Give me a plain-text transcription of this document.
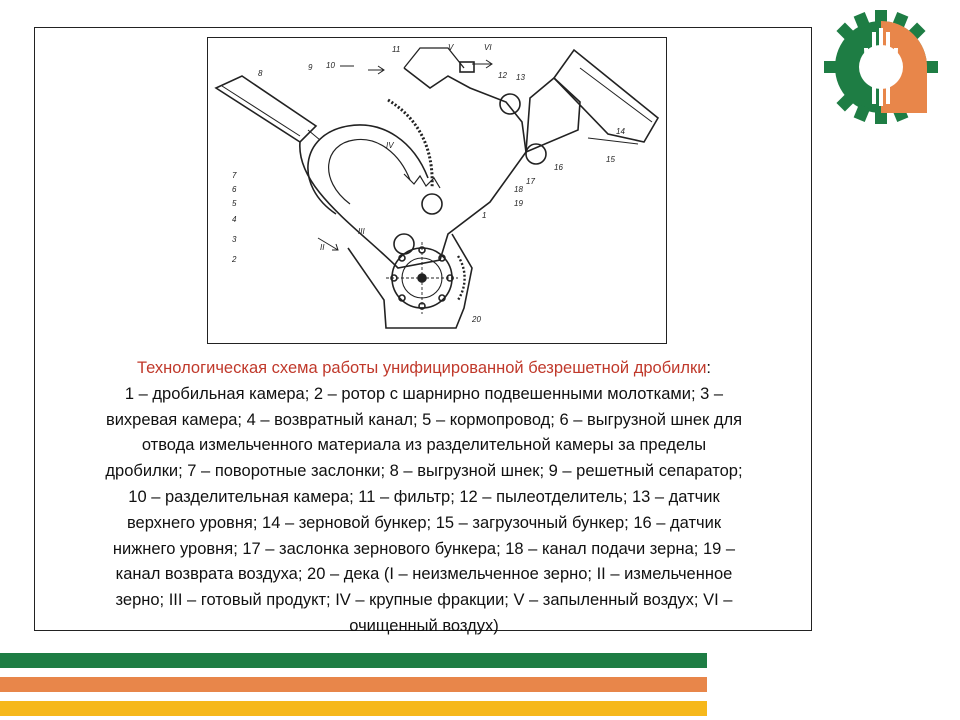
8
9 10
11	V	VI
12 13
14
15
16
17
18
19
IV
7
6
5
4
3
2
II
III
1
20
Технологическая схема работы унифицированной безрешетной дробилки:
1 – дробильная камера; 2 – ротор с шарнирно подвешенными молотками; 3 –
вихревая камера; 4 – возвратный канал; 5 – кормопровод; 6 – выгрузной шнек для
отвода измельченного материала из разделительной камеры за пределы
дробилки; 7 – поворотные заслонки; 8 – выгрузной шнек; 9 – решетный сепаратор;
10 – разделительная камера; 11 – фильтр; 12 – пылеотделитель; 13 – датчик
верхнего уровня; 14 – зерновой бункер; 15 – загрузочный бункер; 16 – датчик
нижнего уровня; 17 – заслонка зернового бункера; 18 – канал подачи зерна; 19 –
канал возврата воздуха; 20 – дека (I – неизмельченное зерно; II – измельченное
зерно; III – готовый продукт; IV – крупные фракции; V – запыленный воздух; VI –
очищенный воздух)
